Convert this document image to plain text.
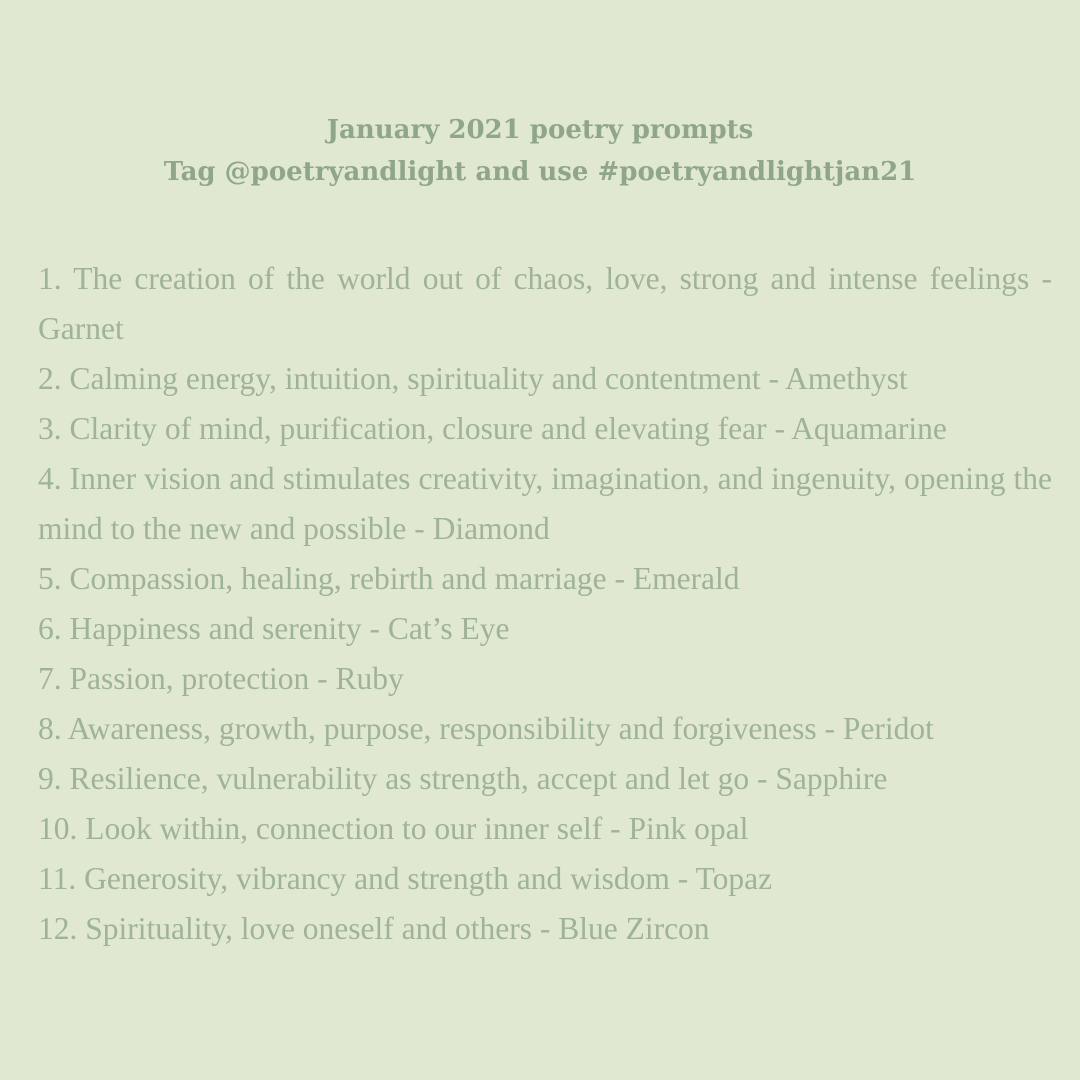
January 2021 poetry prompts
Tag @poetryandlight and use #poetryandlightjan21

1. The creation of the world out of chaos, love, strong and intense feelings - Garnet

2. Calming energy, intuition, spirituality and contentment - Amethyst

3. Clarity of mind, purification, closure and elevating fear - Aquamarine

4. Inner vision and stimulates creativity, imagination, and ingenuity, opening the mind to the new and possible - Diamond

5. Compassion, healing, rebirth and marriage - Emerald

6. Happiness and serenity - Cat’s Eye

7. Passion, protection - Ruby

8. Awareness, growth, purpose, responsibility and forgiveness - Peridot

9. Resilience, vulnerability as strength, accept and let go - Sapphire

10. Look within, connection to our inner self - Pink opal

11. Generosity, vibrancy and strength and wisdom - Topaz

12. Spirituality, love oneself and others - Blue Zircon
